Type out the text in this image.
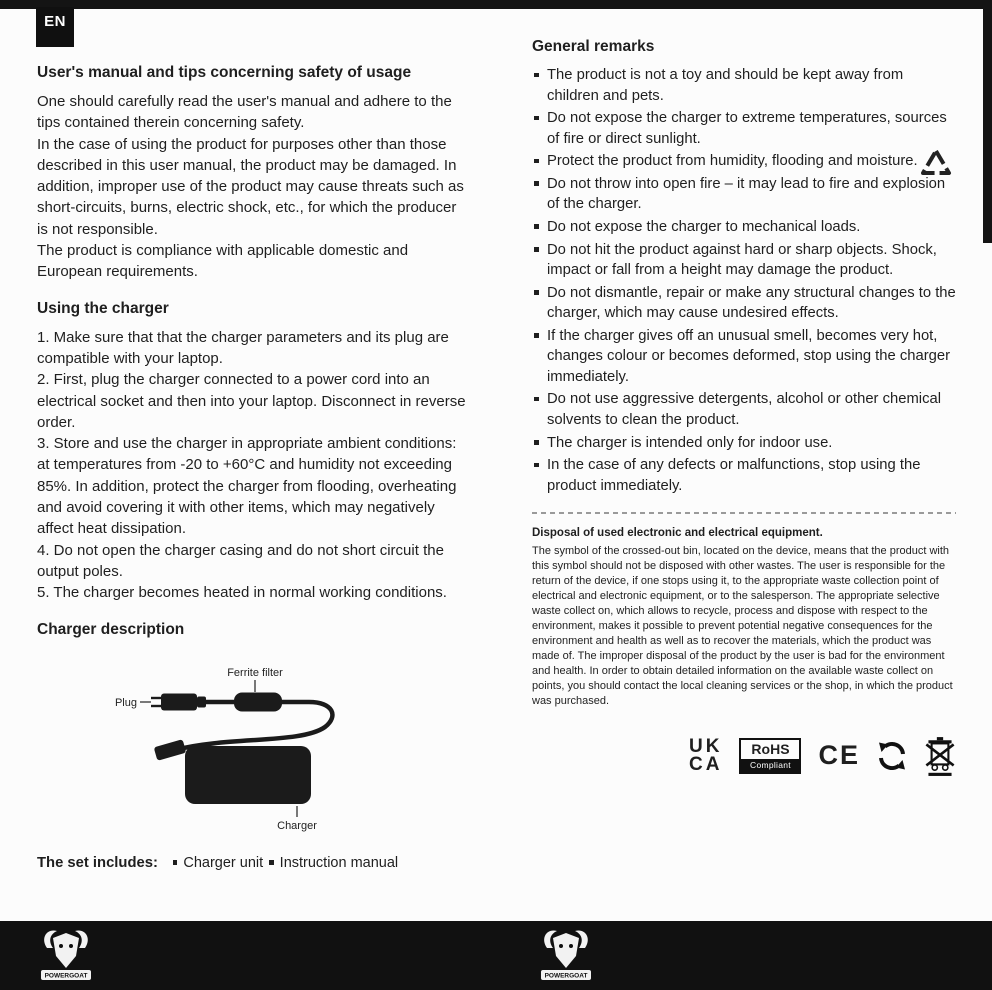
EN
User's manual and tips concerning safety of usage

One should carefully read the user's manual and adhere to the tips contained therein concerning safety.

In the case of using the product for purposes other than those described in this user manual, the product may be damaged. In addition, improper use of the product may cause threats such as short-circuits, burns, electric shock, etc., for which the producer is not responsible.

The product is compliance with applicable domestic and European requirements.

Using the charger

1. Make sure that that the charger parameters and its plug are compatible with your laptop.

2. First, plug the charger connected to a power cord into an electrical socket and then into your laptop. Disconnect in reverse order.

3. Store and use the charger in appropriate ambient conditions: at temperatures from -20 to +60°C and humidity not exceeding 85%. In addition, protect the charger from flooding, overheating and avoid covering it with other items, which may negatively affect heat dissipation.

4. Do not open the charger casing and do not short circuit the output poles.

5. The charger becomes heated in normal working conditions.

Charger description
Ferrite filter
Plug
Charger
The set includes: Charger unit Instruction manual
General remarks
The product is not a toy and should be kept away from children and pets.
Do not expose the charger to extreme temperatures, sources of fire or direct sunlight.
Protect the product from humidity, flooding and moisture.
Do not throw into open fire – it may lead to fire and explosion of the charger.
Do not expose the charger to mechanical loads.
Do not hit the product against hard or sharp objects. Shock, impact or fall from a height may damage the product.
Do not dismantle, repair or make any structural changes to the charger, which may cause undesired effects.
If the charger gives off an unusual smell, becomes very hot, changes colour or becomes deformed, stop using the charger immediately.
Do not use aggressive detergents, alcohol or other chemical solvents to clean the product.
The charger is intended only for indoor use.
In the case of any defects or malfunctions, stop using the product immediately.
Disposal of used electronic and electrical equipment.

The symbol of the crossed-out bin, located on the device, means that the product with this symbol should not be disposed with other wastes. The user is responsible for the return of the device, if one stops using it, to the appropriate waste collection point of electrical and electronic equipment, or to the salesperson. The appropriate selective waste collect on, which allows to recycle, process and dispose with respect to the environment, makes it possible to prevent potential negative consequences for the environment and health as well as to recover the materials, which the product was made of. The improper disposal of the product by the user is bad for the environment and health. In order to obtain detailed information on the available waste collect on points, you should contact the local cleaning services or the shop, in which the product was purchased.

UK
CA
RoHS
Compliant	CE
POWERGOAT	POWERGOAT
